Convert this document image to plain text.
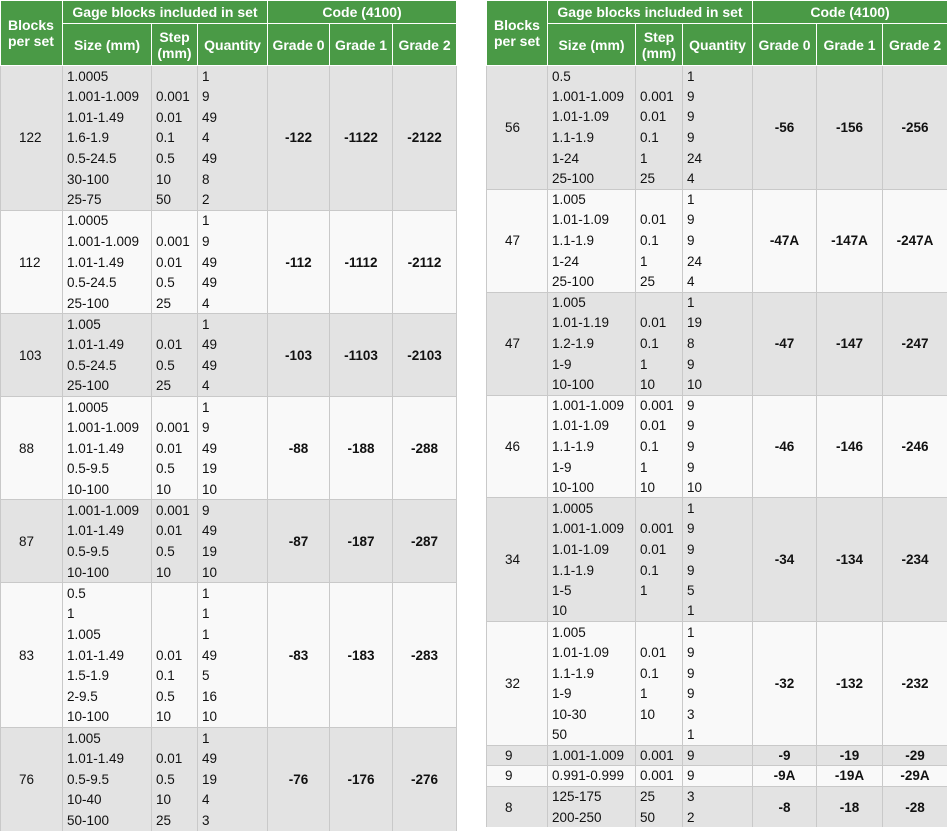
Blocks per set	Gage blocks included in set			Code (4100)		
	Size (mm)	Step (mm)	Quantity	Grade 0	Grade 1	Grade 2
122	1.0005		1	-122	-1122	-2122
	1.001-1.009	0.001	9			
	1.01-1.49	0.01	49			
	1.6-1.9	0.1	4			
	0.5-24.5	0.5	49			
	30-100	10	8			
	25-75	50	2			
112	1.0005		1	-112	-1112	-2112
	1.001-1.009	0.001	9			
	1.01-1.49	0.01	49			
	0.5-24.5	0.5	49			
	25-100	25	4			
103	1.005		1	-103	-1103	-2103
	1.01-1.49	0.01	49			
	0.5-24.5	0.5	49			
	25-100	25	4			
88	1.0005		1	-88	-188	-288
	1.001-1.009	0.001	9			
	1.01-1.49	0.01	49			
	0.5-9.5	0.5	19			
	10-100	10	10			
87	1.001-1.009	0.001	9	-87	-187	-287
	1.01-1.49	0.01	49			
	0.5-9.5	0.5	19			
	10-100	10	10			
83	0.5		1	-83	-183	-283
	1		1			
	1.005		1			
	1.01-1.49	0.01	49			
	1.5-1.9	0.1	5			
	2-9.5	0.5	16			
	10-100	10	10			
76	1.005		1	-76	-176	-276
	1.01-1.49	0.01	49			
	0.5-9.5	0.5	19			
	10-40	10	4			
	50-100	25	3			
Blocks per set	Gage blocks included in set			Code (4100)		
	Size (mm)	Step (mm)	Quantity	Grade 0	Grade 1	Grade 2
56	0.5		1	-56	-156	-256
	1.001-1.009	0.001	9			
	1.01-1.09	0.01	9			
	1.1-1.9	0.1	9			
	1-24	1	24			
	25-100	25	4			
47	1.005		1	-47A	-147A	-247A
	1.01-1.09	0.01	9			
	1.1-1.9	0.1	9			
	1-24	1	24			
	25-100	25	4			
47	1.005		1	-47	-147	-247
	1.01-1.19	0.01	19			
	1.2-1.9	0.1	8			
	1-9	1	9			
	10-100	10	10			
46	1.001-1.009	0.001	9	-46	-146	-246
	1.01-1.09	0.01	9			
	1.1-1.9	0.1	9			
	1-9	1	9			
	10-100	10	10			
34	1.0005		1	-34	-134	-234
	1.001-1.009	0.001	9			
	1.01-1.09	0.01	9			
	1.1-1.9	0.1	9			
	1-5	1	5			
	10		1			
32	1.005		1	-32	-132	-232
	1.01-1.09	0.01	9			
	1.1-1.9	0.1	9			
	1-9	1	9			
	10-30	10	3			
	50		1			
9	1.001-1.009	0.001	9	-9	-19	-29
9	0.991-0.999	0.001	9	-9A	-19A	-29A
8	125-175	25	3	-8	-18	-28
	200-250	50	2			
